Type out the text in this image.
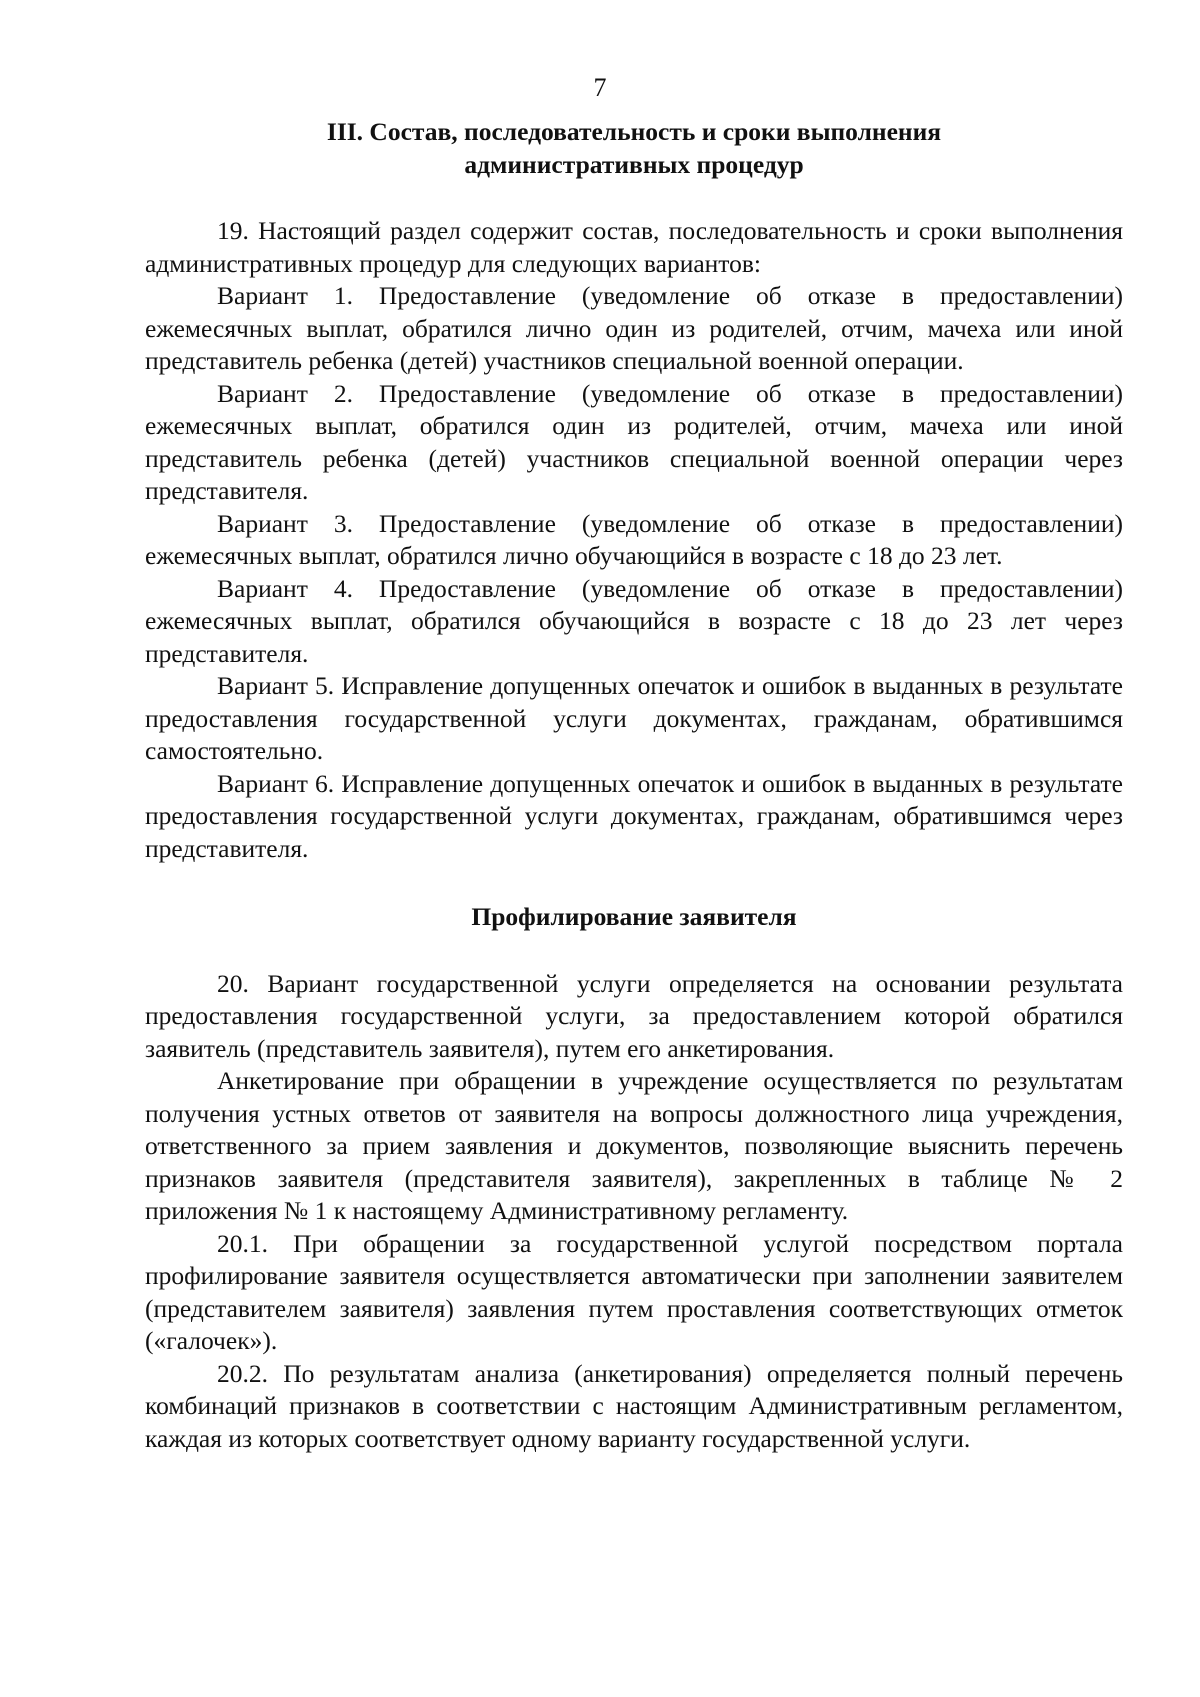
7
III. Состав, последовательность и сроки выполнения
административных процедур

19. Настоящий раздел содержит состав, последовательность и сроки выполнения административных процедур для следующих вариантов:

Вариант 1. Предоставление (уведомление об отказе в предоставлении) ежемесячных выплат, обратился лично один из родителей, отчим, мачеха или иной представитель ребенка (детей) участников специальной военной операции.

Вариант 2. Предоставление (уведомление об отказе в предоставлении) ежемесячных выплат, обратился один из родителей, отчим, мачеха или иной представитель ребенка (детей) участников специальной военной операции через представителя.

Вариант 3. Предоставление (уведомление об отказе в предоставлении) ежемесячных выплат, обратился лично обучающийся в возрасте с 18 до 23 лет.

Вариант 4. Предоставление (уведомление об отказе в предоставлении) ежемесячных выплат, обратился обучающийся в возрасте с 18 до 23 лет через представителя.

Вариант 5. Исправление допущенных опечаток и ошибок в выданных в результате предоставления государственной услуги документах, гражданам, обратившимся самостоятельно.

Вариант 6. Исправление допущенных опечаток и ошибок в выданных в результате предоставления государственной услуги документах, гражданам, обратившимся через представителя.

Профилирование заявителя

20. Вариант государственной услуги определяется на основании результата предоставления государственной услуги, за предоставлением которой обратился заявитель (представитель заявителя), путем его анкетирования.

Анкетирование при обращении в учреждение осуществляется по результатам получения устных ответов от заявителя на вопросы должностного лица учреждения, ответственного за прием заявления и документов, позволяющие выяснить перечень признаков заявителя (представителя заявителя), закрепленных в таблице № 2 приложения № 1 к настоящему Административному регламенту.

20.1. При обращении за государственной услугой посредством портала профилирование заявителя осуществляется автоматически при заполнении заявителем (представителем заявителя) заявления путем проставления соответствующих отметок («галочек»).

20.2. По результатам анализа (анкетирования) определяется полный перечень комбинаций признаков в соответствии с настоящим Административным регламентом, каждая из которых соответствует одному варианту государственной услуги.
